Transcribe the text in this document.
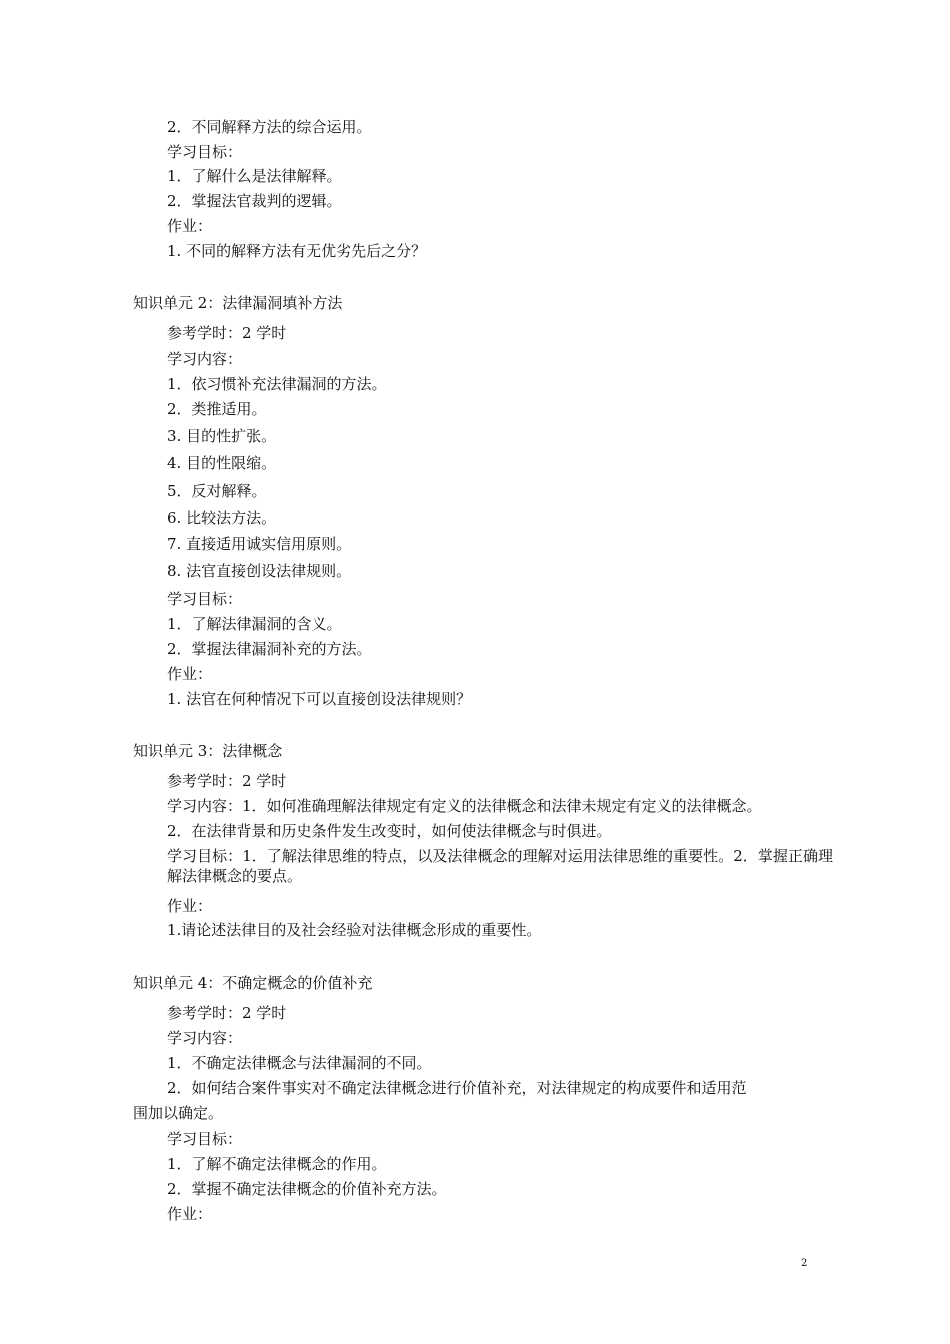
2．不同解释方法的综合运用。
学习目标：
1．了解什么是法律解释。
2．掌握法官裁判的逻辑。
作业：
1. 不同的解释方法有无优劣先后之分？
知识单元 2：法律漏洞填补方法
参考学时：2 学时
学习内容：
1．依习惯补充法律漏洞的方法。
2．类推适用。
3. 目的性扩张。
4. 目的性限缩。
5．反对解释。
6. 比较法方法。
7. 直接适用诚实信用原则。
8. 法官直接创设法律规则。
学习目标：
1．了解法律漏洞的含义。
2．掌握法律漏洞补充的方法。
作业：
1. 法官在何种情况下可以直接创设法律规则？
知识单元 3：法律概念
参考学时：2 学时
学习内容：1．如何准确理解法律规定有定义的法律概念和法律未规定有定义的法律概念。
2．在法律背景和历史条件发生改变时，如何使法律概念与时俱进。
学习目标：1．了解法律思维的特点，以及法律概念的理解对运用法律思维的重要性。2．掌握正确理解法律概念的要点。
作业：
1.请论述法律目的及社会经验对法律概念形成的重要性。
知识单元 4：不确定概念的价值补充
参考学时：2 学时
学习内容：
1．不确定法律概念与法律漏洞的不同。
2．如何结合案件事实对不确定法律概念进行价值补充，对法律规定的构成要件和适用范
围加以确定。
学习目标：
1．了解不确定法律概念的作用。
2．掌握不确定法律概念的价值补充方法。
作业：
2
